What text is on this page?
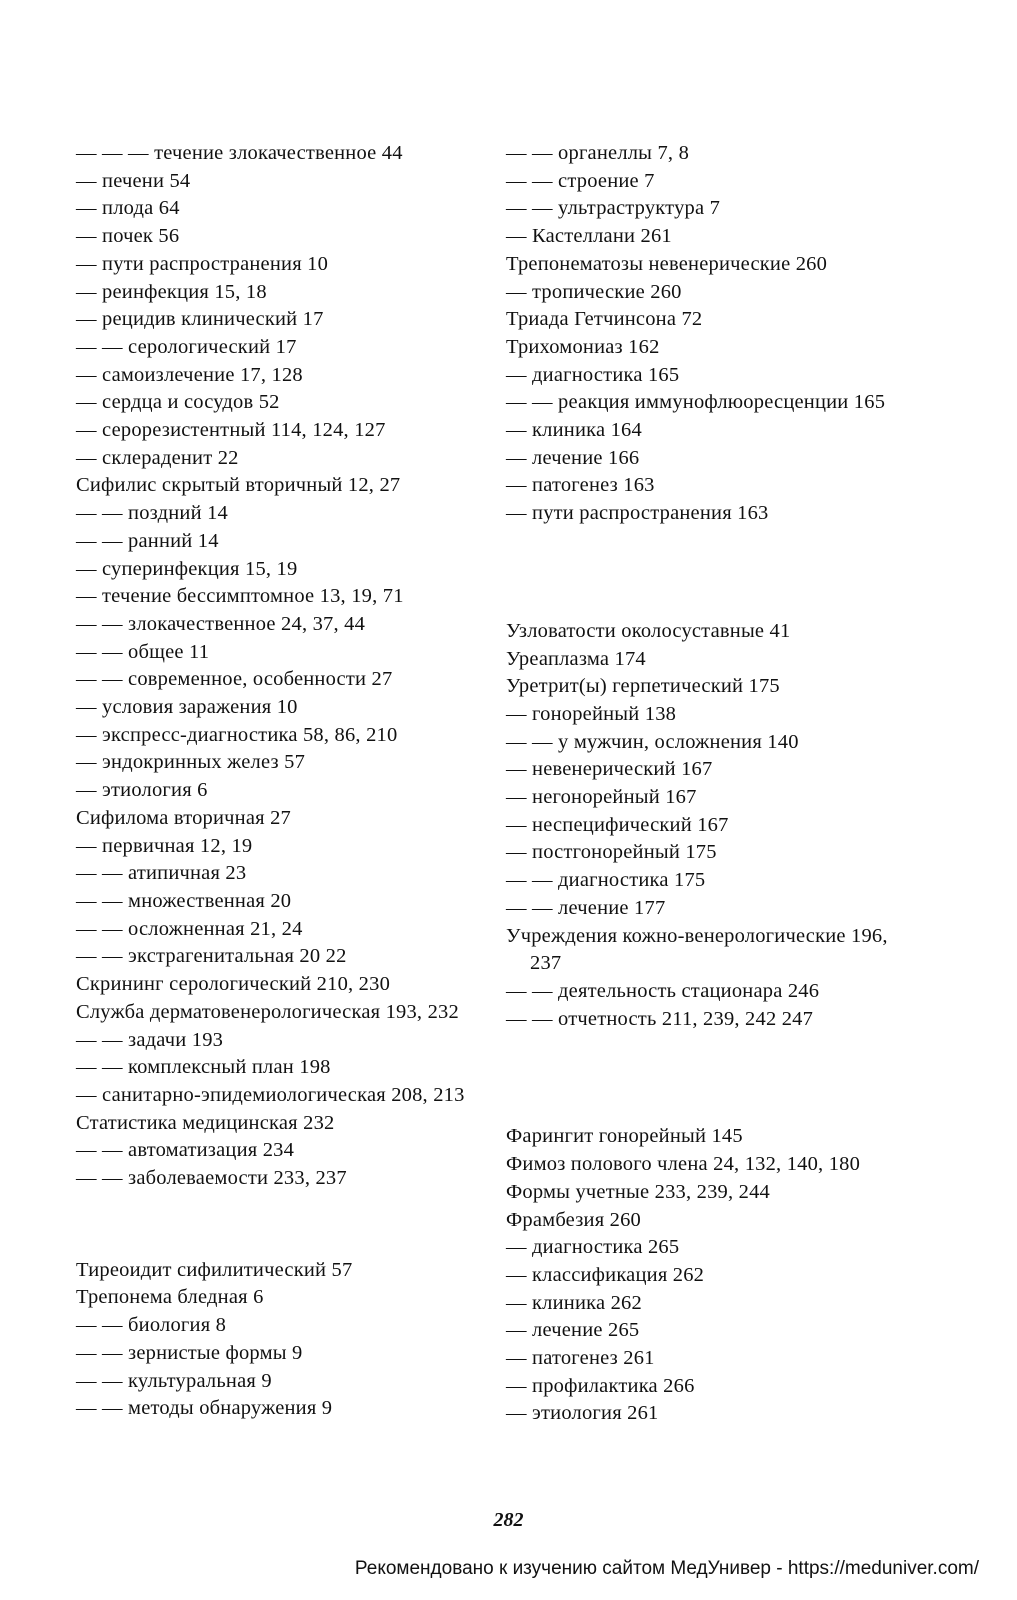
— — — течение злокачественное 44
— печени 54
— плода 64
— почек 56
— пути распространения 10
— реинфекция 15, 18
— рецидив клинический 17
— — серологический 17
— самоизлечение 17, 128
— сердца и сосудов 52
— серорезистентный 114, 124, 127
— склераденит 22
Сифилис скрытый вторичный 12, 27
— — поздний 14
— — ранний 14
— суперинфекция 15, 19
— течение бессимптомное 13, 19, 71
— — злокачественное 24, 37, 44
— — общее 11
— — современное, особенности 27
— условия заражения 10
— экспресс-диагностика 58, 86, 210
— эндокринных желез 57
— этиология 6
Сифилома вторичная 27
— первичная 12, 19
— — атипичная 23
— — множественная 20
— — осложненная 21, 24
— — экстрагенитальная 20 22
Скрининг серологический 210, 230
Служба дерматовенерологическая 193, 232
— — задачи 193
— — комплексный план 198
— санитарно-эпидемиологическая 208, 213
Статистика медицинская 232
— — автоматизация 234
— — заболеваемости 233, 237
Тиреоидит сифилитический 57
Трепонема бледная 6
— — биология 8
— — зернистые формы 9
— — культуральная 9
— — методы обнаружения 9
— — органеллы 7, 8
— — строение 7
— — ультраструктура 7
— Кастеллани 261
Трепонематозы невенерические 260
— тропические 260
Триада Гетчинсона 72
Трихомониаз 162
— диагностика 165
— — реакция иммунофлюоресценции 165
— клиника 164
— лечение 166
— патогенез 163
— пути распространения 163
Узловатости околосуставные 41
Уреаплазма 174
Уретрит(ы) герпетический 175
— гонорейный 138
— — у мужчин, осложнения 140
— невенерический 167
— негонорейный 167
— неспецифический 167
— постгонорейный 175
— — диагностика 175
— — лечение 177
Учреждения кожно-венерологические 196, 237
— — деятельность стационара 246
— — отчетность 211, 239, 242 247
Фарингит гонорейный 145
Фимоз полового члена 24, 132, 140, 180
Формы учетные 233, 239, 244
Фрамбезия 260
— диагностика 265
— классификация 262
— клиника 262
— лечение 265
— патогенез 261
— профилактика 266
— этиология 261
282
Рекомендовано к изучению сайтом МедУнивер - https://meduniver.com/
